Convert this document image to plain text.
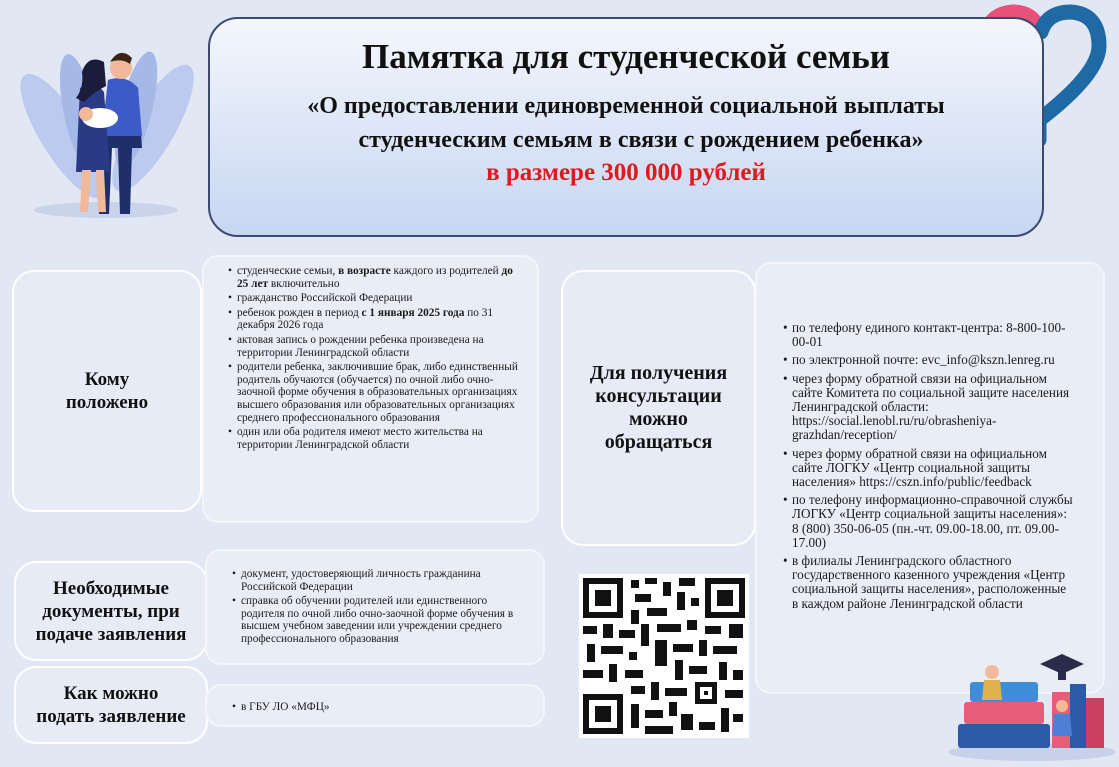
Памятка для студенческой семьи
«О предоставлении единовременной социальной выплаты
студенческим семьям в связи с рождением ребенка»
в размере 300 000 рублей
Кому положено
• студенческие семьи, в возрасте каждого из родителей до 25 лет включительно
• гражданство Российской Федерации
• ребенок рожден в период с 1 января 2025 года по 31 декабря 2026 года
• актовая запись о рождении ребенка произведена на территории Ленинградской области
• родители ребенка, заключившие брак, либо единственный родитель обучаются (обучается) по очной либо очно-заочной форме обучения в образовательных организациях высшего образования или образовательных организациях среднего профессионального образования
• один или оба родителя имеют место жительства на территории Ленинградской области
Необходимые документы, при подаче заявления
• документ, удостоверяющий личность гражданина Российской Федерации
• справка об обучении родителей или единственного родителя по очной либо очно-заочной форме обучения в высшем учебном заведении или учреждении среднего профессионального образования
Как можно подать заявление
•	в ГБУ ЛО «МФЦ»
Для получения консультации можно обращаться
• по телефону единого контакт-центра: 8-800-100-00-01
• по электронной почте: evc_info@kszn.lenreg.ru
• через форму обратной связи на официальном сайте Комитета по социальной защите населения Ленинградской области: https://social.lenobl.ru/ru/obrasheniya-grazhdan/reception/
• через форму обратной связи на официальном сайте ЛОГКУ «Центр социальной защиты населения» https://cszn.info/public/feedback
• по телефону информационно-справочной службы ЛОГКУ «Центр социальной защиты населения»: 8 (800) 350-06-05 (пн.-чт. 09.00-18.00, пт. 09.00-17.00)
• в филиалы Ленинградского областного государственного казенного учреждения «Центр социальной защиты населения», расположенные в каждом районе Ленинградской области
